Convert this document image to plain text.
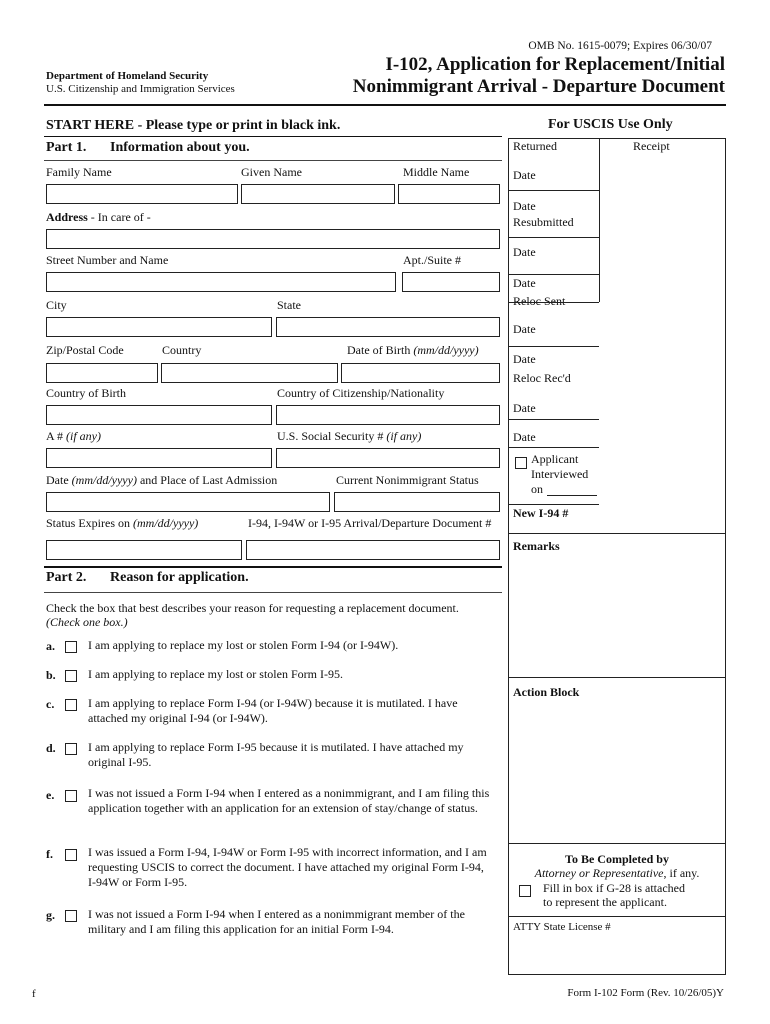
OMB No. 1615-0079; Expires 06/30/07
I-102, Application for Replacement/Initial
Nonimmigrant Arrival - Departure Document
Department of Homeland Security
U.S. Citizenship and Immigration Services
START HERE - Please type or print in black ink.	For USCIS Use Only
Part 1. Information about you.
Family Name	Given Name	Middle Name
Address - In care of -
Street Number and Name	Apt./Suite #
City	State
Zip/Postal Code	Country	Date of Birth (mm/dd/yyyy)
Country of Birth	Country of Citizenship/Nationality
A # (if any)	U.S. Social Security # (if any)
Date (mm/dd/yyyy) and Place of Last Admission	Current Nonimmigrant Status
Status Expires on (mm/dd/yyyy)	I-94, I-94W or I-95 Arrival/Departure Document #
Part 2. Reason for application.
Check the box that best describes your reason for requesting a replacement document.
(Check one box.)
a.	I am applying to replace my lost or stolen Form I-94 (or I-94W).
b.	I am applying to replace my lost or stolen Form I-95.
c.	I am applying to replace Form I-94 (or I-94W) because it is mutilated. I have attached my original I-94 (or I-94W).
d.	I am applying to replace Form I-95 because it is mutilated. I have attached my original I-95.
e.	I was not issued a Form I-94 when I entered as a nonimmigrant, and I am filing this application together with an application for an extension of stay/change of status.
f.	I was issued a Form I-94, I-94W or Form I-95 with incorrect information, and I am requesting USCIS to correct the document. I have attached my original Form I-94, I-94W or Form I-95.
g.	I was not issued a Form I-94 when I entered as a nonimmigrant member of the military and I am filing this application for an initial Form I-94.
Returned	Receipt
Date
Date
Resubmitted
Date
Date
Reloc Sent
Date
Date
Reloc Rec'd
Date
Date
Applicant
Interviewed
on
New I-94 #
Remarks
Action Block
To Be Completed by
Attorney or Representative, if any.
Fill in box if G-28 is attached
to represent the applicant.
ATTY State License #
f	Form I-102 Form (Rev. 10/26/05)Y
